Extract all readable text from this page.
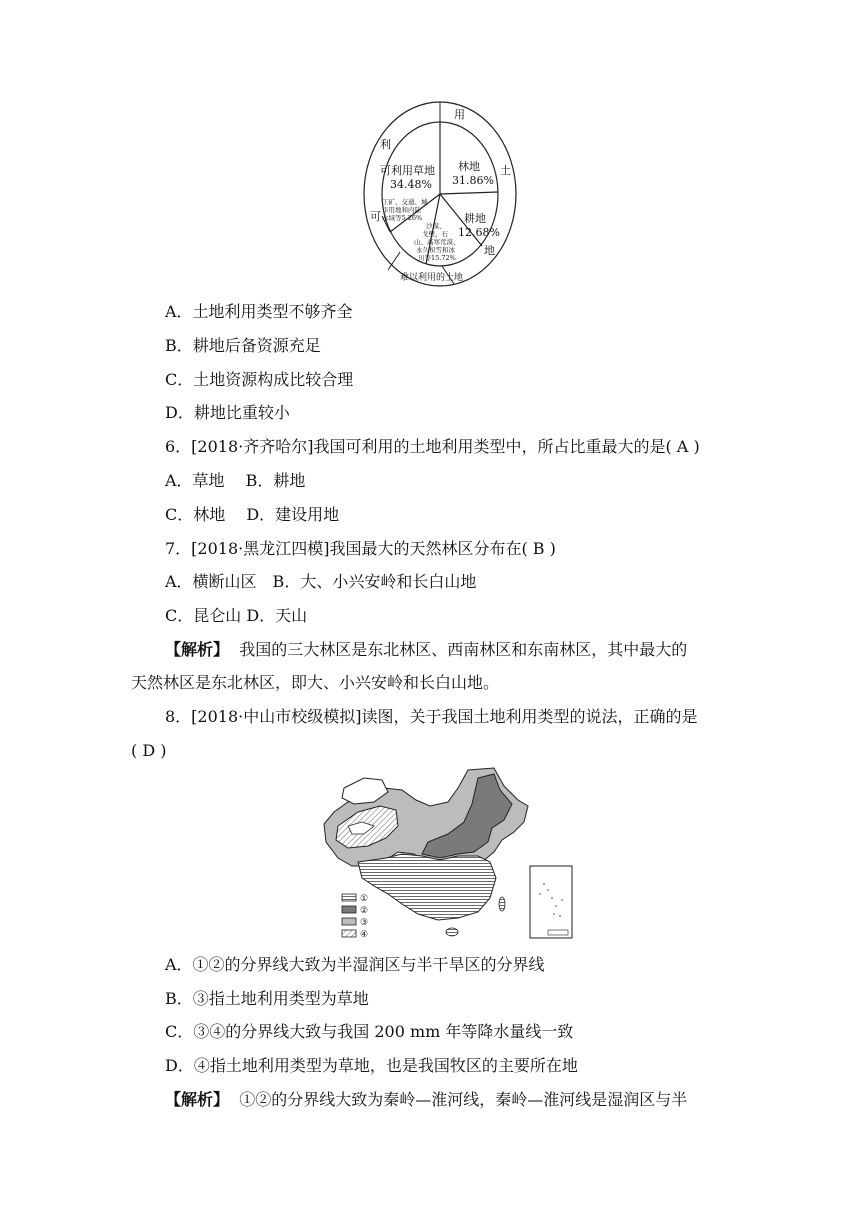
用
土
地
可
利
可利用草地
34.48%
林地
31.86%
耕地
12.68%
工矿、交通、城
市用地和内陆
水域等5.26%
沙漠、
戈壁、石
山、高寒荒漠、
永久积雪和冰
川等15.72%
难以利用的土地
A．土地利用类型不够齐全
B．耕地后备资源充足
C．土地资源构成比较合理
D．耕地比重较小
6．[2018·齐齐哈尔]我国可利用的土地利用类型中，所占比重最大的是( A )
A．草地　 B．耕地
C．林地　 D．建设用地
7．[2018·黑龙江四模]我国最大的天然林区分布在( B )
A．横断山区　B．大、小兴安岭和长白山地
C．昆仑山 D．天山
【解析】 我国的三大林区是东北林区、西南林区和东南林区，其中最大的
天然林区是东北林区，即大、小兴安岭和长白山地。
8．[2018·中山市校级模拟]读图，关于我国土地利用类型的说法，正确的是
( D )
①
②
③
④
A．①②的分界线大致为半湿润区与半干旱区的分界线
B．③指土地利用类型为草地
C．③④的分界线大致与我国 200 mm 年等降水量线一致
D．④指土地利用类型为草地，也是我国牧区的主要所在地
【解析】 ①②的分界线大致为秦岭—淮河线，秦岭—淮河线是湿润区与半
